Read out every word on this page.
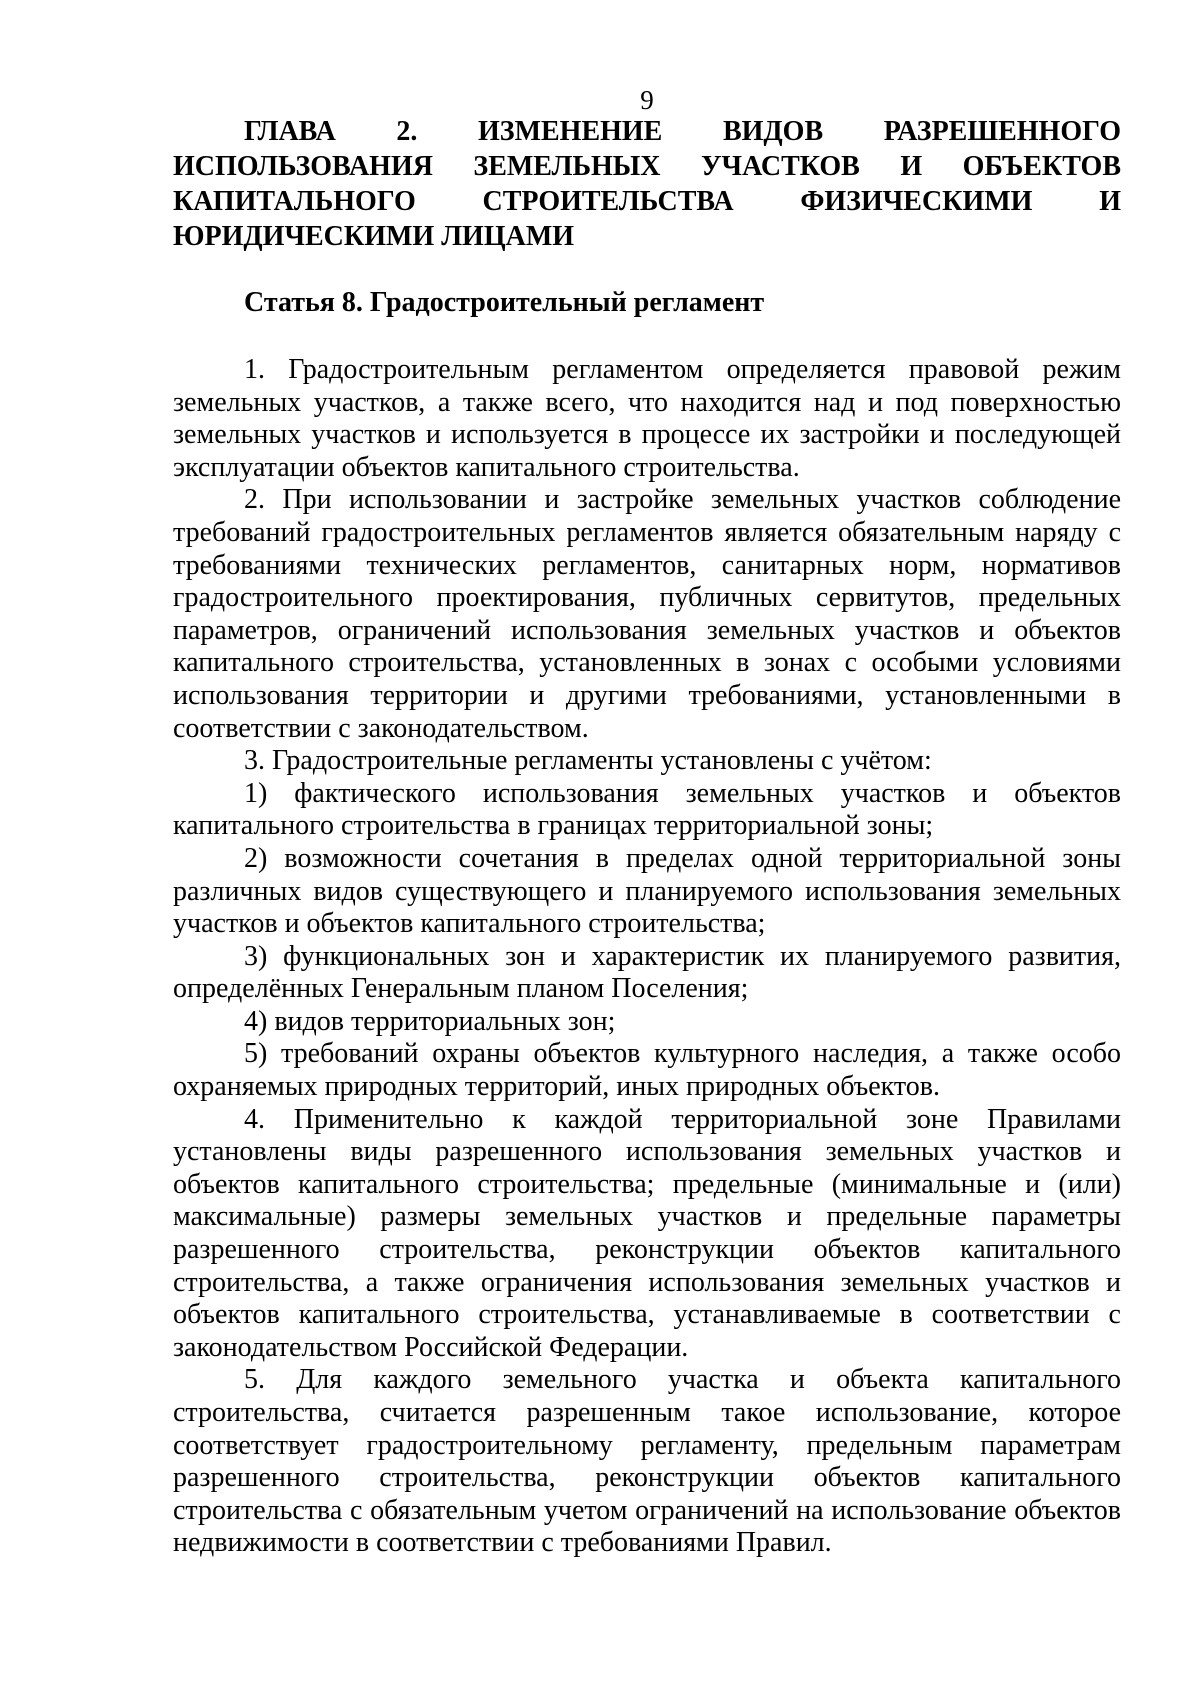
9
ГЛАВА 2. ИЗМЕНЕНИЕ ВИДОВ РАЗРЕШЕННОГО ИСПОЛЬЗОВАНИЯ ЗЕМЕЛЬНЫХ УЧАСТКОВ И ОБЪЕКТОВ КАПИТАЛЬНОГО СТРОИТЕЛЬСТВА ФИЗИЧЕСКИМИ И ЮРИДИЧЕСКИМИ ЛИЦАМИ
Статья 8. Градостроительный регламент

1. Градостроительным регламентом определяется правовой режим земельных участков, а также всего, что находится над и под поверхностью земельных участков и используется в процессе их застройки и последующей эксплуатации объектов капитального строительства.

2. При использовании и застройке земельных участков соблюдение требований градостроительных регламентов является обязательным наряду с требованиями технических регламентов, санитарных норм, нормативов градостроительного проектирования, публичных сервитутов, предельных параметров, ограничений использования земельных участков и объектов капитального строительства, установленных в зонах с особыми условиями использования территории и другими требованиями, установленными в соответствии с законодательством.

3. Градостроительные регламенты установлены с учётом:

1) фактического использования земельных участков и объектов капитального строительства в границах территориальной зоны;

2) возможности сочетания в пределах одной территориальной зоны различных видов существующего и планируемого использования земельных участков и объектов капитального строительства;

3) функциональных зон и характеристик их планируемого развития, определённых Генеральным планом Поселения;

4) видов территориальных зон;

5) требований охраны объектов культурного наследия, а также особо охраняемых природных территорий, иных природных объектов.

4. Применительно к каждой территориальной зоне Правилами установлены виды разрешенного использования земельных участков и объектов капитального строительства; предельные (минимальные и (или) максимальные) размеры земельных участков и предельные параметры разрешенного строительства, реконструкции объектов капитального строительства, а также ограничения использования земельных участков и объектов капитального строительства, устанавливаемые в соответствии с законодательством Российской Федерации.

5. Для каждого земельного участка и объекта капитального строительства, считается разрешенным такое использование, которое соответствует градостроительному регламенту, предельным параметрам разрешенного строительства, реконструкции объектов капитального строительства с обязательным учетом ограничений на использование объектов недвижимости в соответствии с требованиями Правил.
